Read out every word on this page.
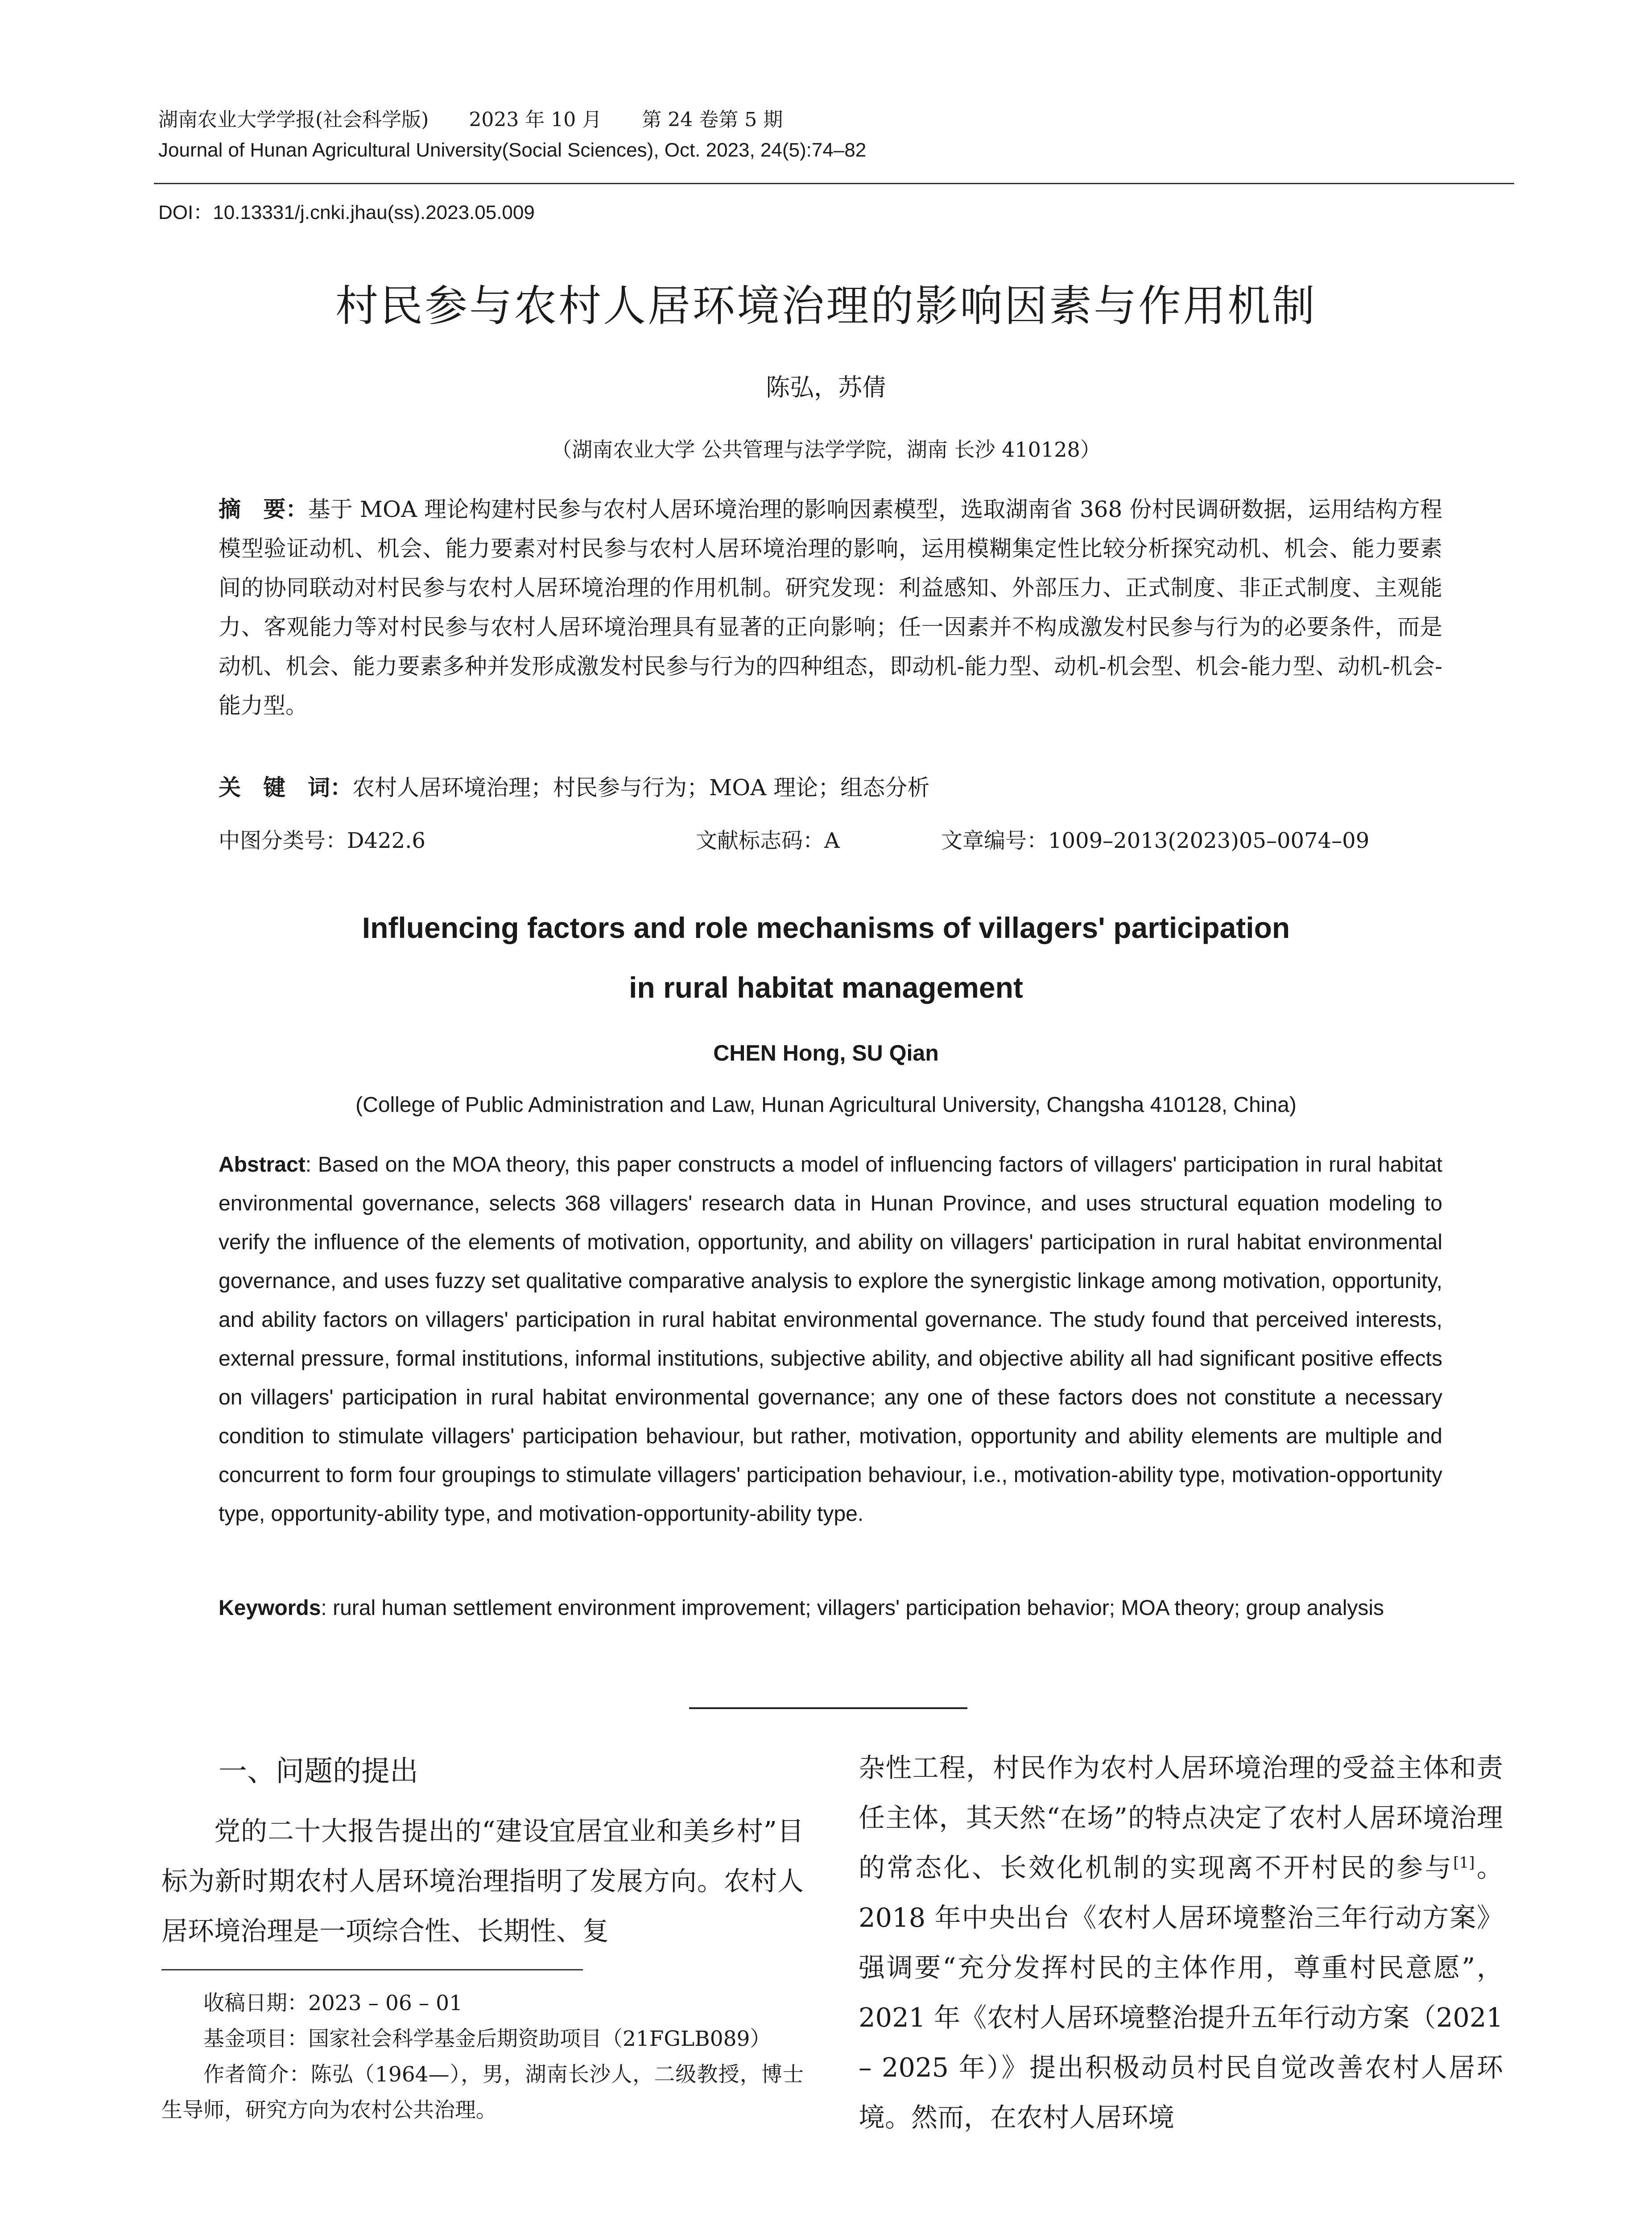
湖南农业大学学报(社会科学版) 2023 年 10 月 第 24 卷第 5 期
Journal of Hunan Agricultural University(Social Sciences), Oct. 2023, 24(5):74–82
DOI：10.13331/j.cnki.jhau(ss).2023.05.009
村民参与农村人居环境治理的影响因素与作用机制
陈弘，苏倩
（湖南农业大学 公共管理与法学学院，湖南 长沙 410128）
摘　要：基于 MOA 理论构建村民参与农村人居环境治理的影响因素模型，选取湖南省 368 份村民调研数据，运用结构方程模型验证动机、机会、能力要素对村民参与农村人居环境治理的影响，运用模糊集定性比较分析探究动机、机会、能力要素间的协同联动对村民参与农村人居环境治理的作用机制。研究发现：利益感知、外部压力、正式制度、非正式制度、主观能力、客观能力等对村民参与农村人居环境治理具有显著的正向影响；任一因素并不构成激发村民参与行为的必要条件，而是动机、机会、能力要素多种并发形成激发村民参与行为的四种组态，即动机-能力型、动机-机会型、机会-能力型、动机-机会-能力型。
关　键　词：农村人居环境治理；村民参与行为；MOA 理论；组态分析
中图分类号：D422.6	文献标志码：A	文章编号：1009–2013(2023)05–0074–09
Influencing factors and role mechanisms of villagers' participation
in rural habitat management
CHEN Hong, SU Qian
(College of Public Administration and Law, Hunan Agricultural University, Changsha 410128, China)
Abstract: Based on the MOA theory, this paper constructs a model of influencing factors of villagers' participation in rural habitat environmental governance, selects 368 villagers' research data in Hunan Province, and uses structural equation modeling to verify the influence of the elements of motivation, opportunity, and ability on villagers' participation in rural habitat environmental governance, and uses fuzzy set qualitative comparative analysis to explore the synergistic linkage among motivation, opportunity, and ability factors on villagers' participation in rural habitat environmental governance. The study found that perceived interests, external pressure, formal institutions, informal institutions, subjective ability, and objective ability all had significant positive effects on villagers' participation in rural habitat environmental governance; any one of these factors does not constitute a necessary condition to stimulate villagers' participation behaviour, but rather, motivation, opportunity and ability elements are multiple and concurrent to form four groupings to stimulate villagers' participation behaviour, i.e., motivation-ability type, motivation-opportunity type, opportunity-ability type, and motivation-opportunity-ability type.
Keywords: rural human settlement environment improvement; villagers' participation behavior; MOA theory; group analysis
一、问题的提出

党的二十大报告提出的“建设宜居宜业和美乡村”目标为新时期农村人居环境治理指明了发展方向。农村人居环境治理是一项综合性、长期性、复

杂性工程，村民作为农村人居环境治理的受益主体和责任主体，其天然“在场”的特点决定了农村人居环境治理的常态化、长效化机制的实现离不开村民的参与[1]。2018 年中央出台《农村人居环境整治三年行动方案》强调要“充分发挥村民的主体作用，尊重村民意愿”，2021 年《农村人居环境整治提升五年行动方案（2021 – 2025 年）》提出积极动员村民自觉改善农村人居环境。然而，在农村人居环境

收稿日期：2023 – 06 – 01

基金项目：国家社会科学基金后期资助项目（21FGLB089）

作者简介：陈弘（1964—），男，湖南长沙人，二级教授，博士生导师，研究方向为农村公共治理。
